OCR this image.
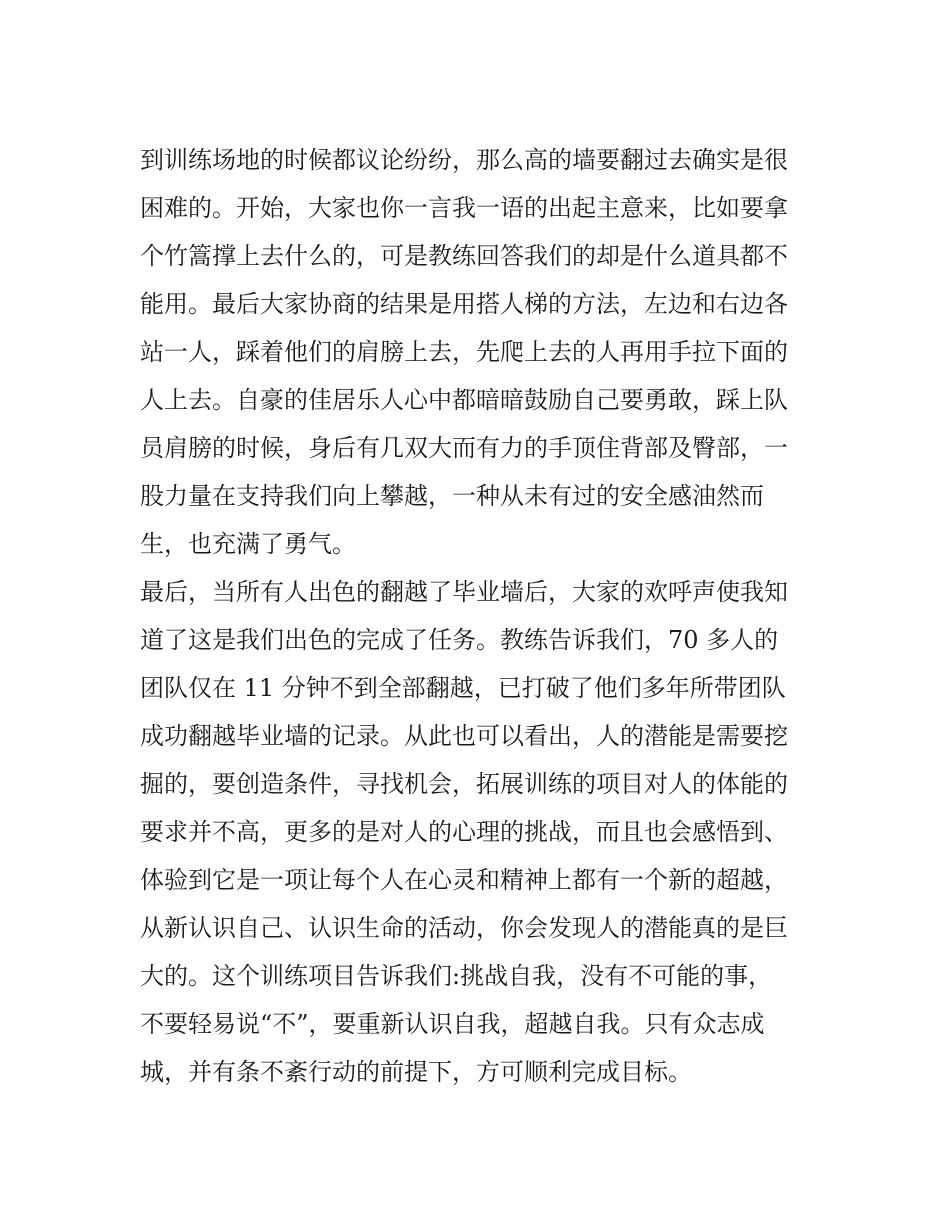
到训练场地的时候都议论纷纷，那么高的墙要翻过去确实是很
困难的。开始，大家也你一言我一语的出起主意来，比如要拿
个竹篙撑上去什么的，可是教练回答我们的却是什么道具都不
能用。最后大家协商的结果是用搭人梯的方法，左边和右边各
站一人，踩着他们的肩膀上去，先爬上去的人再用手拉下面的
人上去。自豪的佳居乐人心中都暗暗鼓励自己要勇敢，踩上队
员肩膀的时候，身后有几双大而有力的手顶住背部及臀部，一
股力量在支持我们向上攀越，一种从未有过的安全感油然而
生，也充满了勇气。
最后，当所有人出色的翻越了毕业墙后，大家的欢呼声使我知
道了这是我们出色的完成了任务。教练告诉我们，70 多人的
团队仅在 11 分钟不到全部翻越，已打破了他们多年所带团队
成功翻越毕业墙的记录。从此也可以看出，人的潜能是需要挖
掘的，要创造条件，寻找机会，拓展训练的项目对人的体能的
要求并不高，更多的是对人的心理的挑战，而且也会感悟到、
体验到它是一项让每个人在心灵和精神上都有一个新的超越，
从新认识自己、认识生命的活动，你会发现人的潜能真的是巨
大的。这个训练项目告诉我们:挑战自我，没有不可能的事，
不要轻易说“不”，要重新认识自我，超越自我。只有众志成
城，并有条不紊行动的前提下，方可顺利完成目标。
